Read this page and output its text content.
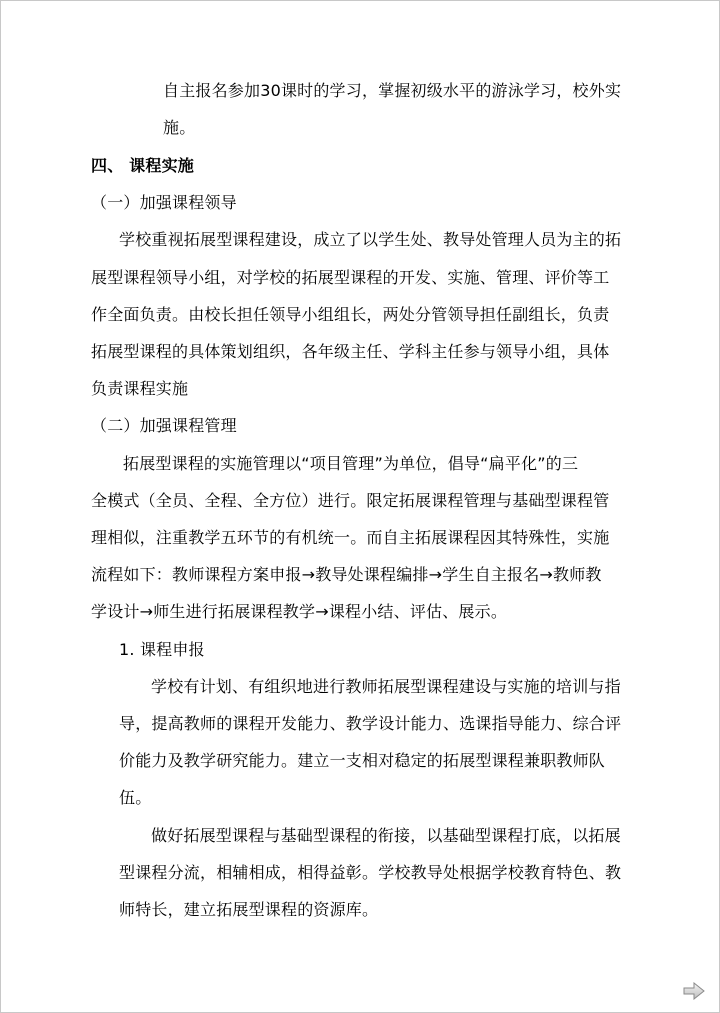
自主报名参加30课时的学习，掌握初级水平的游泳学习，校外实
施。
四、 课程实施
（一）加强课程领导
学校重视拓展型课程建设，成立了以学生处、教导处管理人员为主的拓
展型课程领导小组，对学校的拓展型课程的开发、实施、管理、评价等工
作全面负责。由校长担任领导小组组长，两处分管领导担任副组长，负责
拓展型课程的具体策划组织，各年级主任、学科主任参与领导小组，具体
负责课程实施
（二）加强课程管理
拓展型课程的实施管理以“项目管理”为单位，倡导“扁平化”的三
全模式（全员、全程、全方位）进行。限定拓展课程管理与基础型课程管
理相似，注重教学五环节的有机统一。而自主拓展课程因其特殊性，实施
流程如下：教师课程方案申报→教导处课程编排→学生自主报名→教师教
学设计→师生进行拓展课程教学→课程小结、评估、展示。
1. 课程申报
学校有计划、有组织地进行教师拓展型课程建设与实施的培训与指
导，提高教师的课程开发能力、教学设计能力、选课指导能力、综合评
价能力及教学研究能力。建立一支相对稳定的拓展型课程兼职教师队
伍。
做好拓展型课程与基础型课程的衔接，以基础型课程打底，以拓展
型课程分流，相辅相成，相得益彰。学校教导处根据学校教育特色、教
师特长，建立拓展型课程的资源库。
